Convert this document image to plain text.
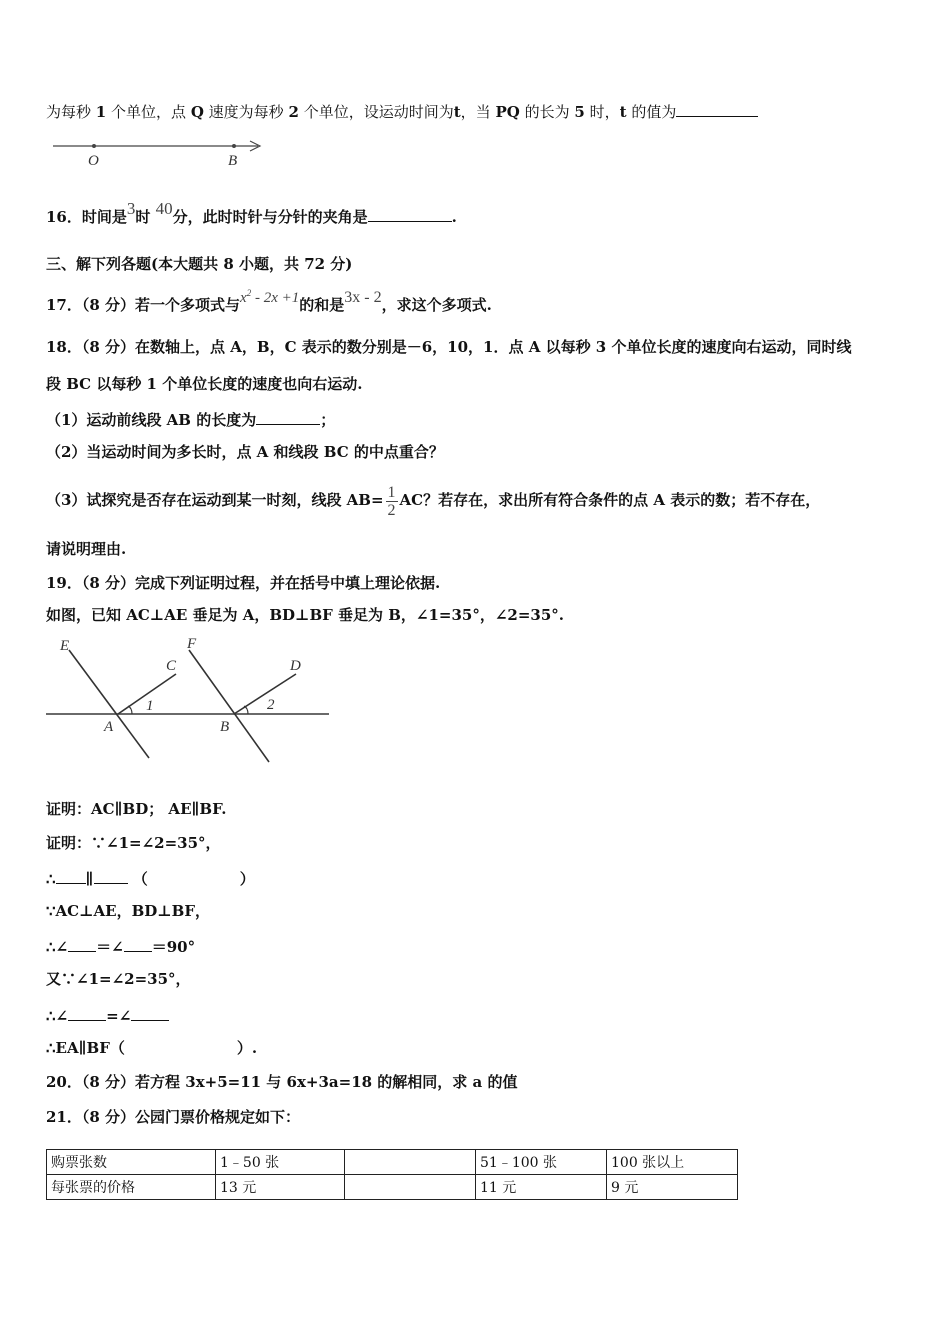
为每秒 1 个单位，点 Q 速度为每秒 2 个单位，设运动时间为t，当 PQ 的长为 5 时，t 的值为
O	B
16．时间是3时 40分，此时时针与分针的夹角是	.
三、解下列各题(本大题共 8 小题，共 72 分)
17．（8 分）若一个多项式与$x^2 - 2x +1$的和是3x - 2，求这个多项式.
18．（8 分）在数轴上，点 A，B，C 表示的数分别是－6，10，1．点 A 以每秒 3 个单位长度的速度向右运动，同时线
段 BC 以每秒 1 个单位长度的速度也向右运动.
（1）运动前线段 AB 的长度为	；
（2）当运动时间为多长时，点 A 和线段 BC 的中点重合？
（3）试探究是否存在运动到某一时刻，线段 $AB= \frac{1}{2}$ AC？若存在，求出所有符合条件的点 A 表示的数；若不存在，
请说明理由.
19．（8 分）完成下列证明过程，并在括号中填上理论依据.
如图，已知 AC⊥AE 垂足为 A，BD⊥BF 垂足为 B，∠1=35°，∠2=35°.
E
C
F
D
A	B
1	2
证明：AC∥BD； AE∥BF.
证明：∵∠1=∠2=35°，
∴ ∥	（	）
∵AC⊥AE，BD⊥BF，
∴∠ ＝∠ ＝90°
又∵∠1=∠2=35°，
∴∠	=∠
∴EA∥BF（	）.
20．（8 分）若方程 3x+5=11 与 6x+3a=18 的解相同，求 a 的值
21．（8 分）公园门票价格规定如下：
购票张数	1﹣50 张		51﹣100 张	100 张以上
每张票的价格	13 元		11 元	9 元
